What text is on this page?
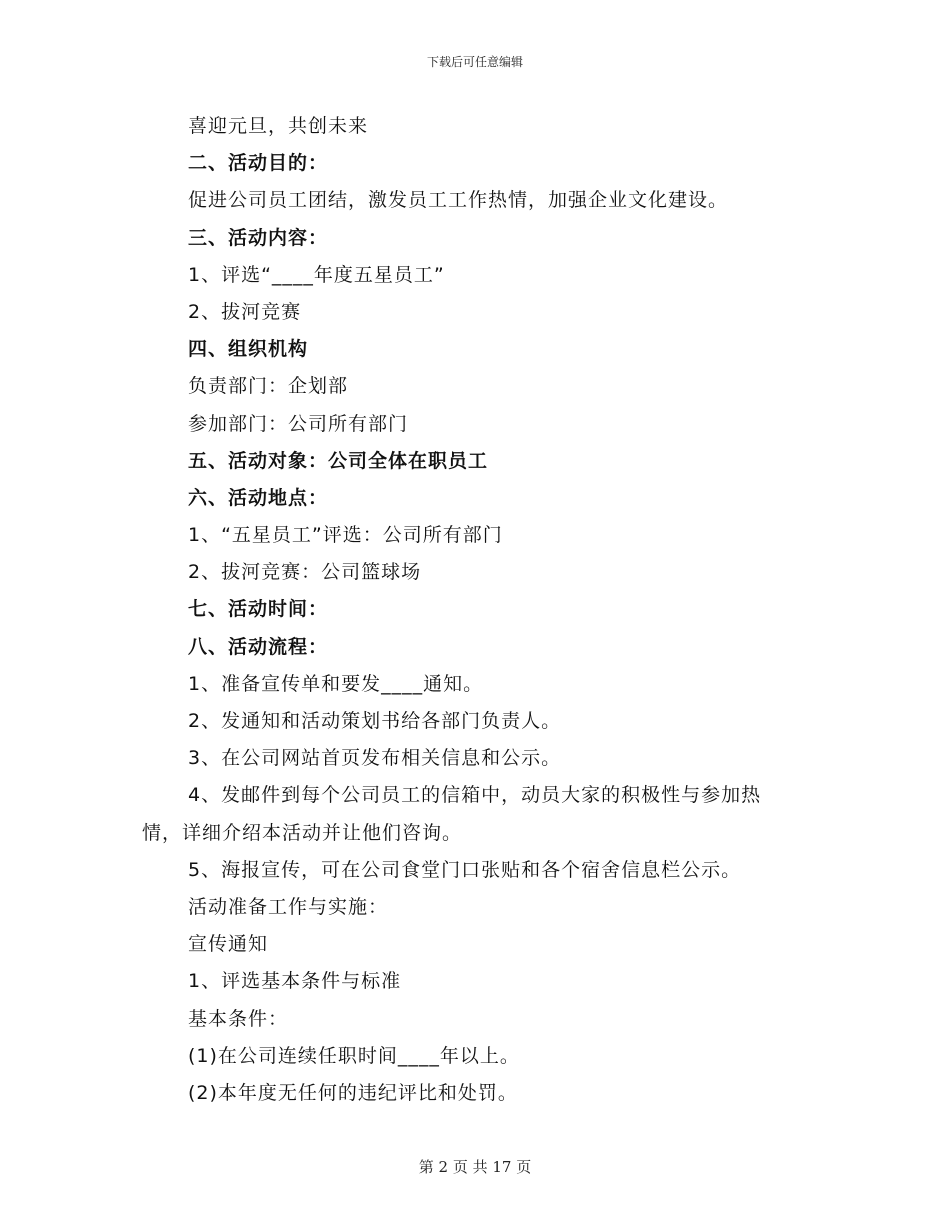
下载后可任意编辑
喜迎元旦，共创未来
二、活动目的：
促进公司员工团结，激发员工工作热情，加强企业文化建设。
三、活动内容：
1、评选“____年度五星员工”
2、拔河竞赛
四、组织机构
负责部门：企划部
参加部门：公司所有部门
五、活动对象：公司全体在职员工
六、活动地点：
1、“五星员工”评选：公司所有部门
2、拔河竞赛：公司篮球场
七、活动时间：
八、活动流程：
1、准备宣传单和要发____通知。
2、发通知和活动策划书给各部门负责人。
3、在公司网站首页发布相关信息和公示。
4、发邮件到每个公司员工的信箱中，动员大家的积极性与参加热
情，详细介绍本活动并让他们咨询。
5、海报宣传，可在公司食堂门口张贴和各个宿舍信息栏公示。
活动准备工作与实施：
宣传通知
1、评选基本条件与标准
基本条件：
(1)在公司连续任职时间____年以上。
(2)本年度无任何的违纪评比和处罚。
第 2 页 共 17 页
